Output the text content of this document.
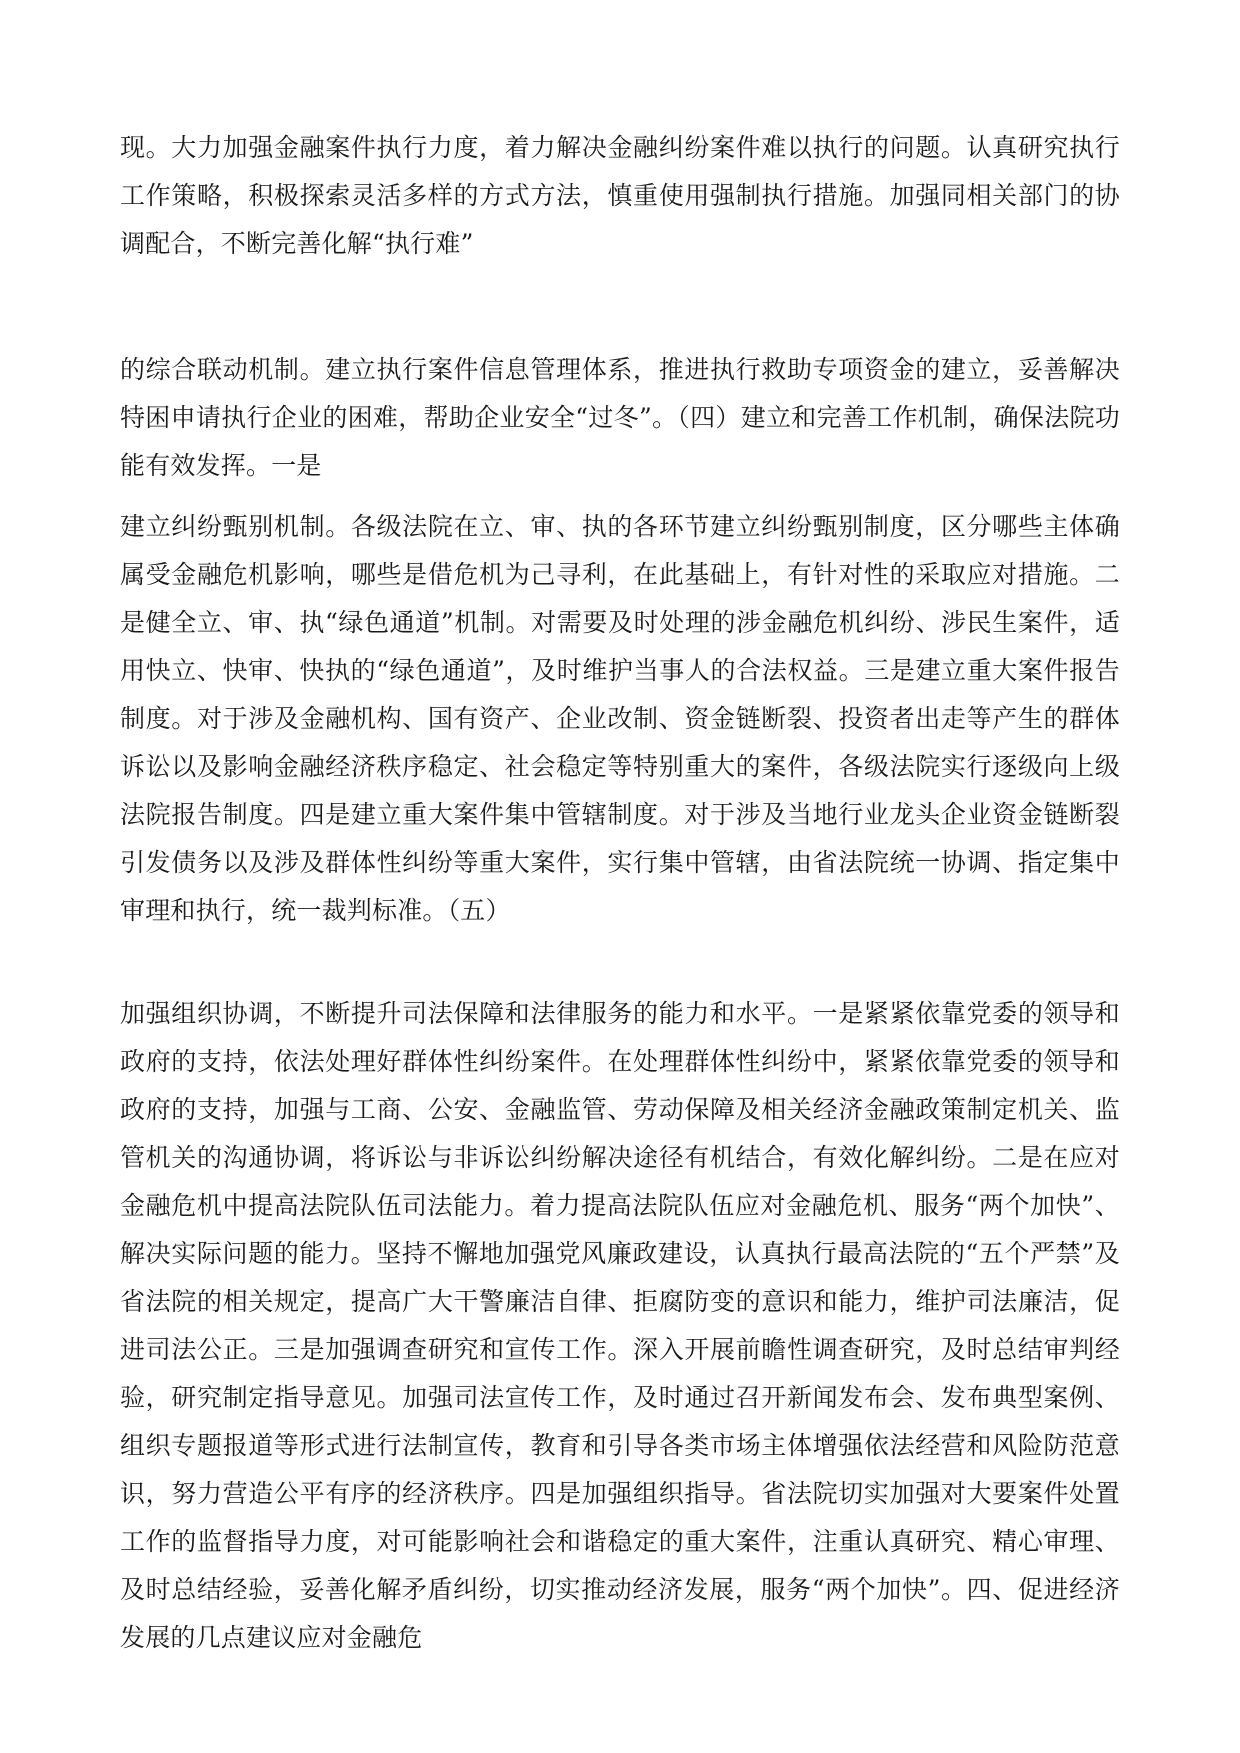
现。大力加强金融案件执行力度，着力解决金融纠纷案件难以执行的问题。认真研究执行工作策略，积极探索灵活多样的方式方法，慎重使用强制执行措施。加强同相关部门的协调配合，不断完善化解“执行难”

的综合联动机制。建立执行案件信息管理体系，推进执行救助专项资金的建立，妥善解决特困申请执行企业的困难，帮助企业安全“过冬”。（四）建立和完善工作机制，确保法院功能有效发挥。一是

建立纠纷甄别机制。各级法院在立、审、执的各环节建立纠纷甄别制度，区分哪些主体确属受金融危机影响，哪些是借危机为己寻利，在此基础上，有针对性的采取应对措施。二是健全立、审、执“绿色通道”机制。对需要及时处理的涉金融危机纠纷、涉民生案件，适用快立、快审、快执的“绿色通道”，及时维护当事人的合法权益。三是建立重大案件报告制度。对于涉及金融机构、国有资产、企业改制、资金链断裂、投资者出走等产生的群体诉讼以及影响金融经济秩序稳定、社会稳定等特别重大的案件，各级法院实行逐级向上级法院报告制度。四是建立重大案件集中管辖制度。对于涉及当地行业龙头企业资金链断裂引发债务以及涉及群体性纠纷等重大案件，实行集中管辖，由省法院统一协调、指定集中审理和执行，统一裁判标准。（五）

加强组织协调，不断提升司法保障和法律服务的能力和水平。一是紧紧依靠党委的领导和政府的支持，依法处理好群体性纠纷案件。在处理群体性纠纷中，紧紧依靠党委的领导和政府的支持，加强与工商、公安、金融监管、劳动保障及相关经济金融政策制定机关、监管机关的沟通协调，将诉讼与非诉讼纠纷解决途径有机结合，有效化解纠纷。二是在应对金融危机中提高法院队伍司法能力。着力提高法院队伍应对金融危机、服务“两个加快”、解决实际问题的能力。坚持不懈地加强党风廉政建设，认真执行最高法院的“五个严禁”及省法院的相关规定，提高广大干警廉洁自律、拒腐防变的意识和能力，维护司法廉洁，促进司法公正。三是加强调查研究和宣传工作。深入开展前瞻性调查研究，及时总结审判经验，研究制定指导意见。加强司法宣传工作，及时通过召开新闻发布会、发布典型案例、组织专题报道等形式进行法制宣传，教育和引导各类市场主体增强依法经营和风险防范意识，努力营造公平有序的经济秩序。四是加强组织指导。省法院切实加强对大要案件处置工作的监督指导力度，对可能影响社会和谐稳定的重大案件，注重认真研究、精心审理、及时总结经验，妥善化解矛盾纠纷，切实推动经济发展，服务“两个加快”。四、促进经济发展的几点建议应对金融危
